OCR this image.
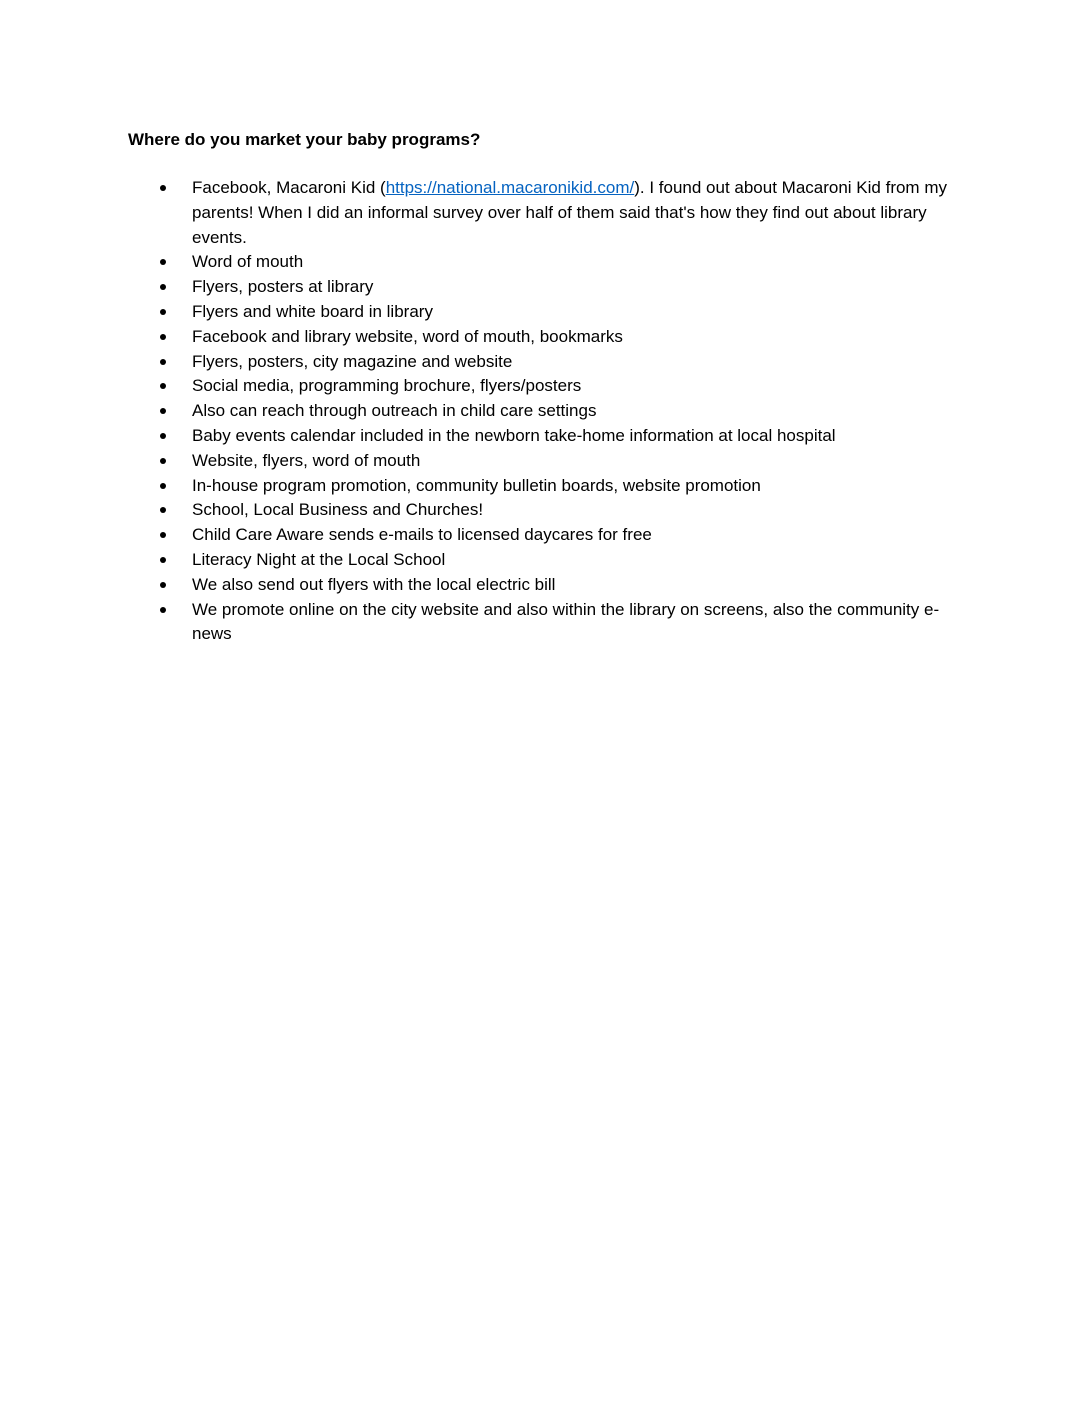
Where do you market your baby programs?

Facebook, Macaroni Kid (https://national.macaronikid.com/). I found out about Macaroni Kid from my parents! When I did an informal survey over half of them said that's how they find out about library events.
Word of mouth
Flyers, posters at library
Flyers and white board in library
Facebook and library website, word of mouth, bookmarks
Flyers, posters, city magazine and website
Social media, programming brochure, flyers/posters
Also can reach through outreach in child care settings
Baby events calendar included in the newborn take-home information at local hospital
Website, flyers, word of mouth
In-house program promotion, community bulletin boards, website promotion
School, Local Business and Churches!
Child Care Aware sends e-mails to licensed daycares for free
Literacy Night at the Local School
We also send out flyers with the local electric bill
We promote online on the city website and also within the library on screens, also the community e-news
